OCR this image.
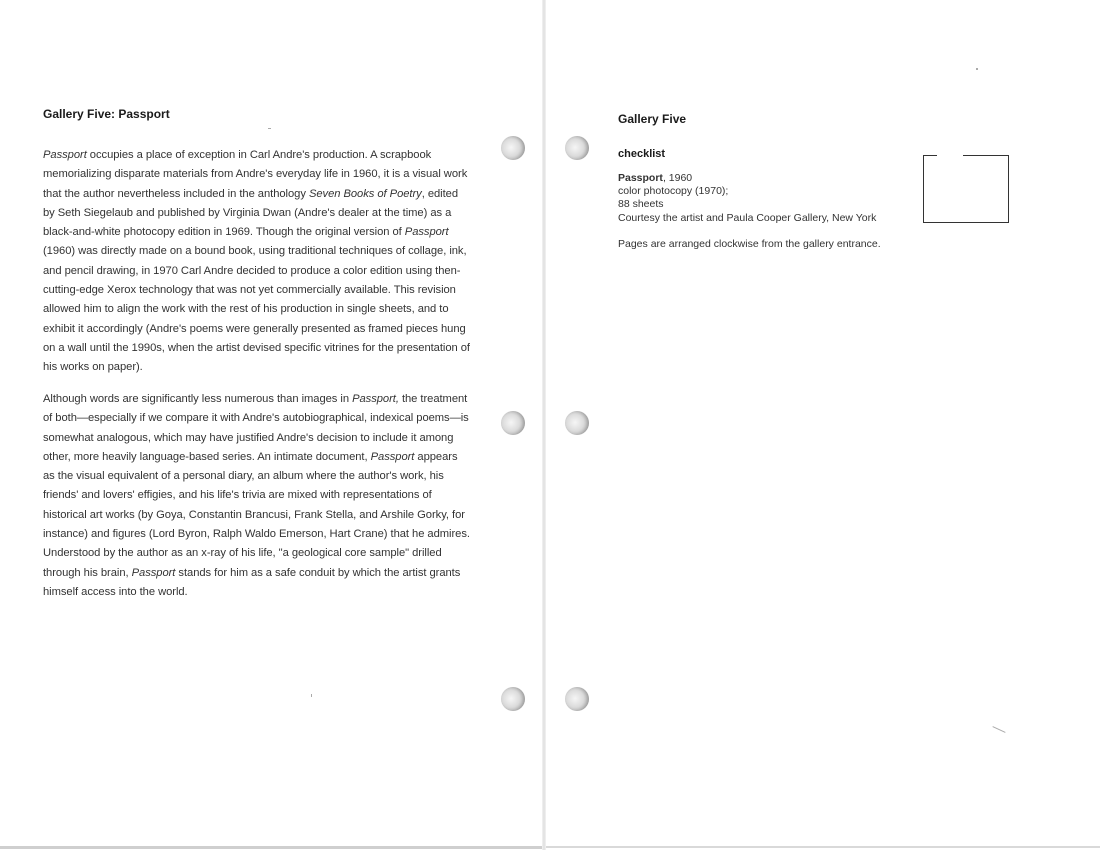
Gallery Five: Passport
Passport occupies a place of exception in Carl Andre's production. A scrapbook memorializing disparate materials from Andre's everyday life in 1960, it is a visual work that the author nevertheless included in the anthology Seven Books of Poetry, edited by Seth Siegelaub and published by Virginia Dwan (Andre's dealer at the time) as a black-and-white photocopy edition in 1969. Though the original version of Passport (1960) was directly made on a bound book, using traditional techniques of collage, ink, and pencil drawing, in 1970 Carl Andre decided to produce a color edition using then-cutting-edge Xerox technology that was not yet commercially available. This revision allowed him to align the work with the rest of his production in single sheets, and to exhibit it accordingly (Andre's poems were generally presented as framed pieces hung on a wall until the 1990s, when the artist devised specific vitrines for the presentation of his works on paper).
Although words are significantly less numerous than images in Passport, the treatment of both—especially if we compare it with Andre's autobiographical, indexical poems—is somewhat analogous, which may have justified Andre's decision to include it among other, more heavily language-based series. An intimate document, Passport appears as the visual equivalent of a personal diary, an album where the author's work, his friends' and lovers' effigies, and his life's trivia are mixed with representations of historical art works (by Goya, Constantin Brancusi, Frank Stella, and Arshile Gorky, for instance) and figures (Lord Byron, Ralph Waldo Emerson, Hart Crane) that he admires. Understood by the author as an x-ray of his life, "a geological core sample" drilled through his brain, Passport stands for him as a safe conduit by which the artist grants himself access into the world.
Gallery Five
checklist
Passport, 1960
color photocopy (1970);
88 sheets
Courtesy the artist and Paula Cooper Gallery, New York
Pages are arranged clockwise from the gallery entrance.
